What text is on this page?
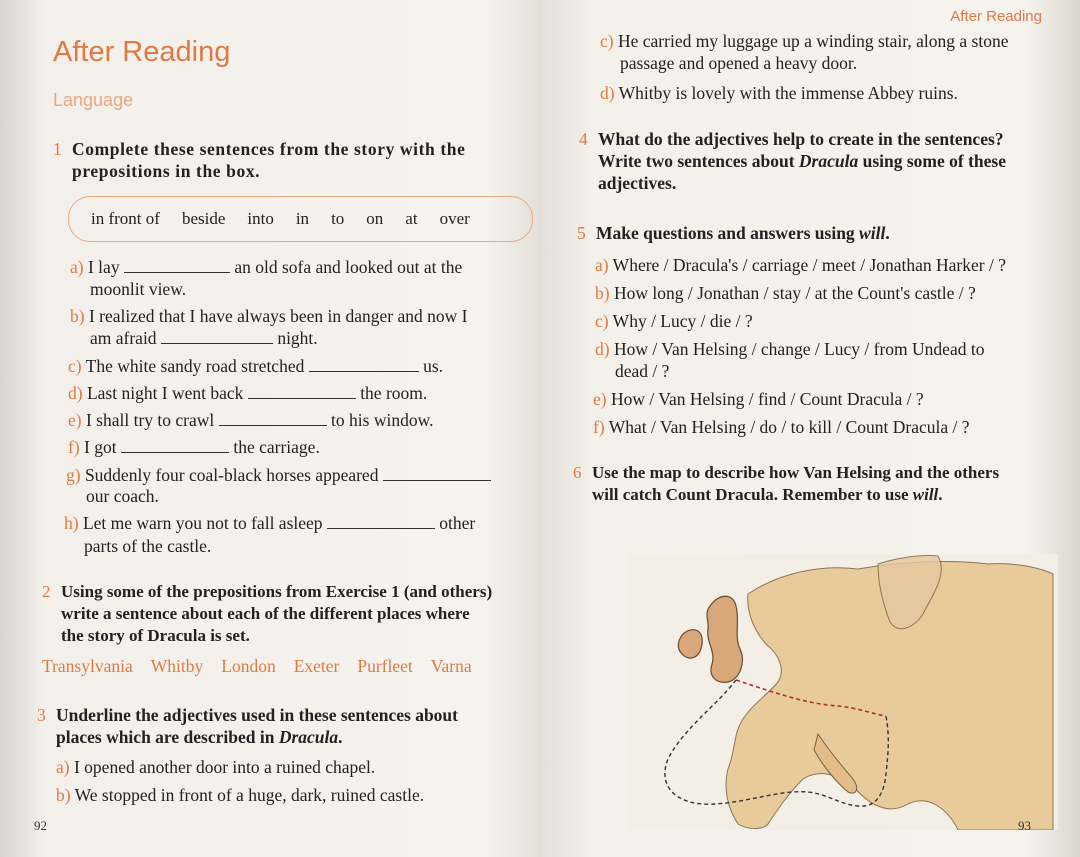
After Reading
Language
1 Complete these sentences from the story with the
prepositions in the box.
in front of beside into in to on at over
a) I lay	an old sofa and looked out at the
moonlit view.
b) I realized that I have always been in danger and now I
am afraid	night.
c) The white sandy road stretched	us.
d) Last night I went back	the room.
e) I shall try to crawl	to his window.
f) I got	the carriage.
g) Suddenly four coal-black horses appeared
our coach.
h) Let me warn you not to fall asleep	other
parts of the castle.
2 Using some of the prepositions from Exercise 1 (and others)
write a sentence about each of the different places where
the story of Dracula is set.
Transylvania Whitby London Exeter Purfleet Varna
3 Underline the adjectives used in these sentences about
places which are described in Dracula.
a) I opened another door into a ruined chapel.
b) We stopped in front of a huge, dark, ruined castle.
92
After Reading
c) He carried my luggage up a winding stair, along a stone
passage and opened a heavy door.
d) Whitby is lovely with the immense Abbey ruins.
4 What do the adjectives help to create in the sentences?
Write two sentences about Dracula using some of these
adjectives.
5 Make questions and answers using will.
a) Where / Dracula's / carriage / meet / Jonathan Harker / ?
b) How long / Jonathan / stay / at the Count's castle / ?
c) Why / Lucy / die / ?
d) How / Van Helsing / change / Lucy / from Undead to
dead / ?
e) How / Van Helsing / find / Count Dracula / ?
f) What / Van Helsing / do / to kill / Count Dracula / ?
6 Use the map to describe how Van Helsing and the others
will catch Count Dracula. Remember to use will.
93
